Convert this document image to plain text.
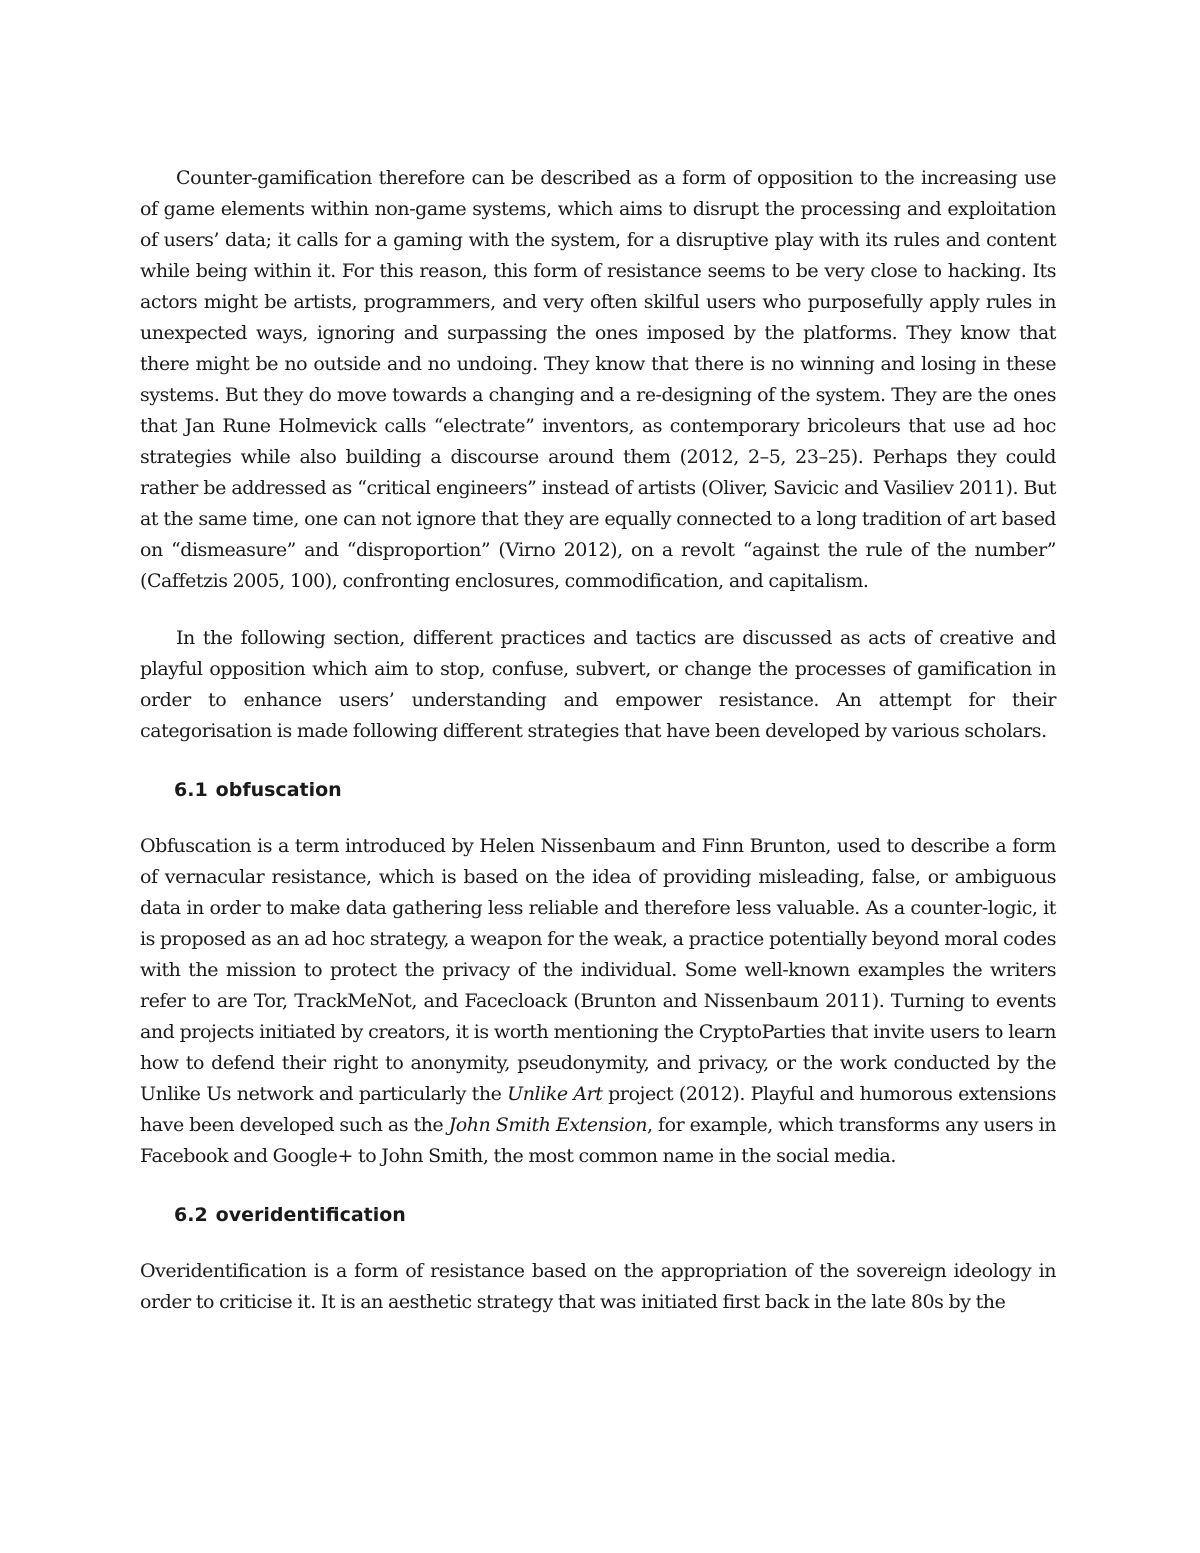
Counter-gamification therefore can be described as a form of opposition to the increasing use of game elements within non-game systems, which aims to disrupt the processing and exploitation of users’ data; it calls for a gaming with the system, for a disruptive play with its rules and content while being within it. For this reason, this form of resistance seems to be very close to hacking. Its actors might be artists, programmers, and very often skilful users who purposefully apply rules in unexpected ways, ignoring and surpassing the ones imposed by the platforms. They know that there might be no outside and no undoing. They know that there is no winning and losing in these systems. But they do move towards a changing and a re-designing of the system. They are the ones that Jan Rune Holmevick calls “electrate” inventors, as contemporary bricoleurs that use ad hoc strategies while also building a discourse around them (2012, 2–5, 23–25). Perhaps they could rather be addressed as “critical engineers” instead of artists (Oliver, Savicic and Vasiliev 2011). But at the same time, one can not ignore that they are equally connected to a long tradition of art based on “dismeasure” and “disproportion” (Virno 2012), on a revolt “against the rule of the number” (Caffetzis 2005, 100), confronting enclosures, commodification, and capitalism.

In the following section, different practices and tactics are discussed as acts of creative and playful opposition which aim to stop, confuse, subvert, or change the processes of gamification in order to enhance users’ understanding and empower resistance. An attempt for their categorisation is made following different strategies that have been developed by various scholars.

6.1 obfuscation

Obfuscation is a term introduced by Helen Nissenbaum and Finn Brunton, used to describe a form of vernacular resistance, which is based on the idea of providing misleading, false, or ambiguous data in order to make data gathering less reliable and therefore less valuable. As a counter-logic, it is proposed as an ad hoc strategy, a weapon for the weak, a practice potentially beyond moral codes with the mission to protect the privacy of the individual. Some well-known examples the writers refer to are Tor, TrackMeNot, and Facecloack (Brunton and Nissenbaum 2011). Turning to events and projects initiated by creators, it is worth mentioning the CryptoParties that invite users to learn how to defend their right to anonymity, pseudonymity, and privacy, or the work conducted by the Unlike Us network and particularly the Unlike Art project (2012). Playful and humorous extensions have been developed such as the John Smith Extension, for example, which transforms any users in Facebook and Google+ to John Smith, the most common name in the social media.

6.2 overidentification

Overidentification is a form of resistance based on the appropriation of the sovereign ideology in order to criticise it. It is an aesthetic strategy that was initiated first back in the late 80s by the
